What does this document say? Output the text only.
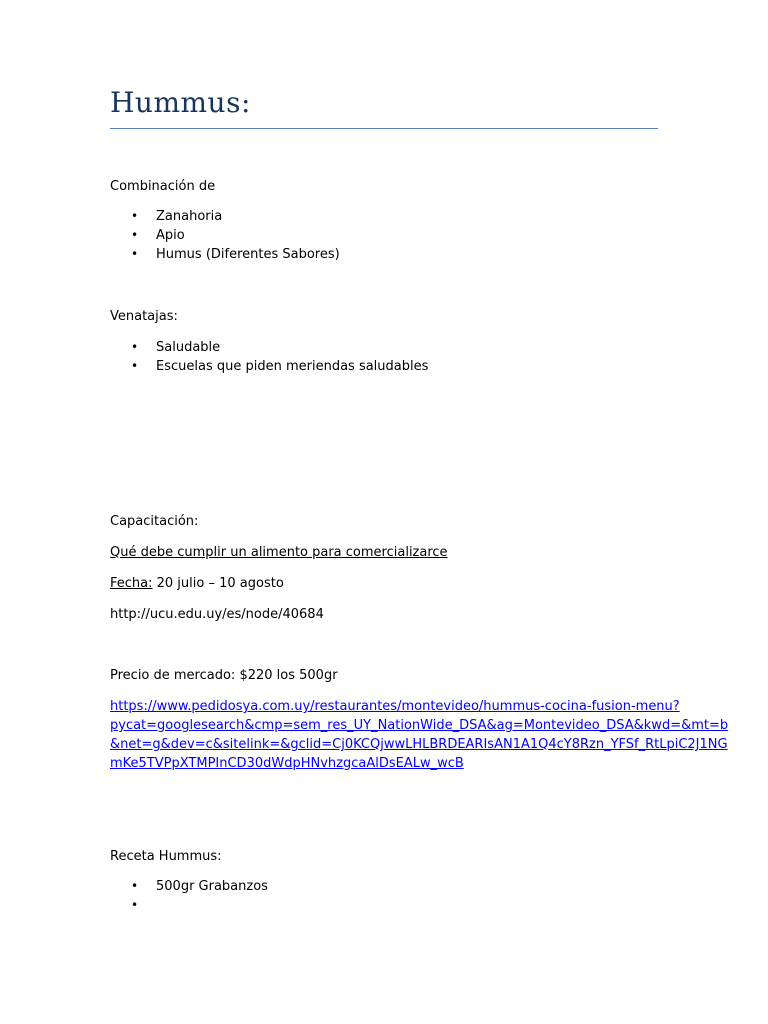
Hummus:
Combinación de
• Zanahoria
• Apio
• Humus (Diferentes Sabores)
Venatajas:
• Saludable
• Escuelas que piden meriendas saludables
Capacitación:
Qué debe cumplir un alimento para comercializarce
Fecha: 20 julio – 10 agosto
http://ucu.edu.uy/es/node/40684
Precio de mercado: $220 los 500gr
https://www.pedidosya.com.uy/restaurantes/montevideo/hummus-cocina-fusion-menu?
pycat=googlesearch&cmp=sem_res_UY_NationWide_DSA&ag=Montevideo_DSA&kwd=&mt=b
&net=g&dev=c&sitelink=&gclid=Cj0KCQjwwLHLBRDEARIsAN1A1Q4cY8Rzn_YFSf_RtLpiC2J1NG
mKe5TVPpXTMPInCD30dWdpHNvhzgcaAlDsEALw_wcB
Receta Hummus:
• 500gr Grabanzos
•
